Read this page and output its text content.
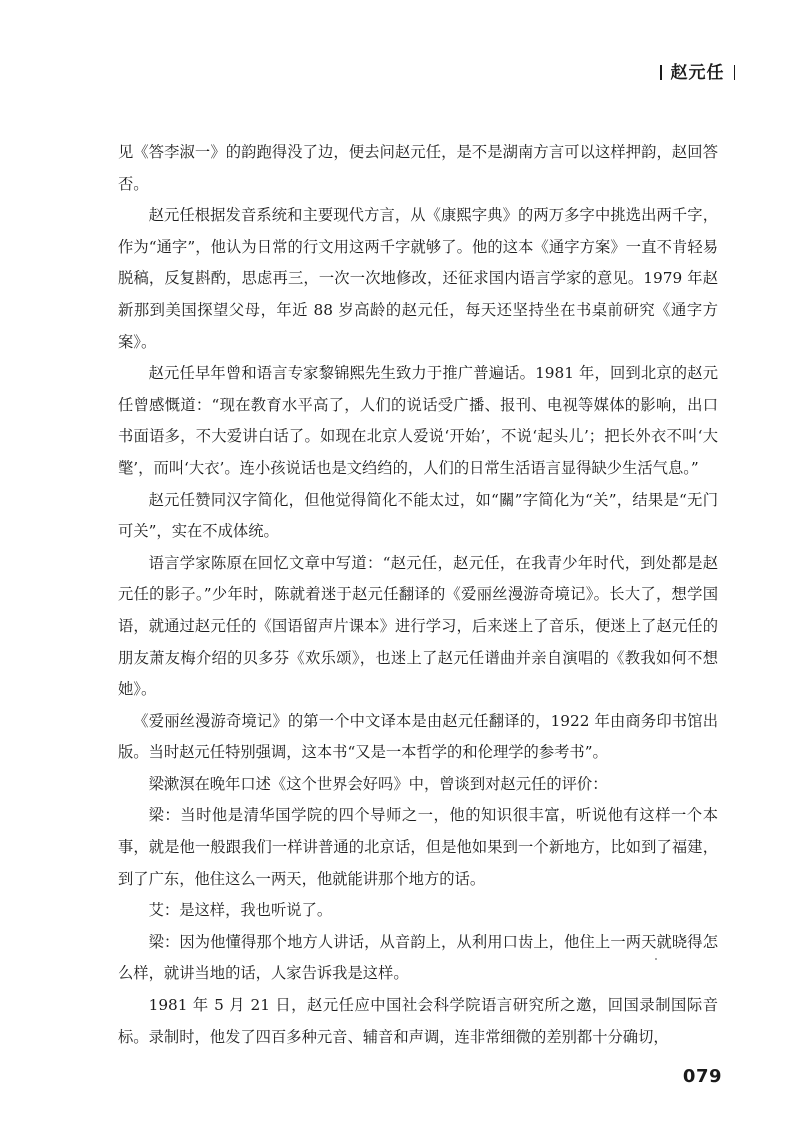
赵元任

见《答李淑一》的韵跑得没了边，便去问赵元任，是不是湖南方言可以这样押韵，赵回答否。

赵元任根据发音系统和主要现代方言，从《康熙字典》的两万多字中挑选出两千字，作为“通字”，他认为日常的行文用这两千字就够了。他的这本《通字方案》一直不肯轻易脱稿，反复斟酌，思虑再三，一次一次地修改，还征求国内语言学家的意见。1979 年赵新那到美国探望父母，年近 88 岁高龄的赵元任，每天还坚持坐在书桌前研究《通字方案》。

赵元任早年曾和语言专家黎锦熙先生致力于推广普遍话。1981 年，回到北京的赵元任曾感慨道：“现在教育水平高了，人们的说话受广播、报刊、电视等媒体的影响，出口书面语多，不大爱讲白话了。如现在北京人爱说‘开始’，不说‘起头儿’；把长外衣不叫‘大氅’，而叫‘大衣’。连小孩说话也是文绉绉的，人们的日常生活语言显得缺少生活气息。”

赵元任赞同汉字简化，但他觉得简化不能太过，如“關”字简化为“关”，结果是“无门可关”，实在不成体统。

语言学家陈原在回忆文章中写道：“赵元任，赵元任，在我青少年时代，到处都是赵元任的影子。”少年时，陈就着迷于赵元任翻译的《爱丽丝漫游奇境记》。长大了，想学国语，就通过赵元任的《国语留声片课本》进行学习，后来迷上了音乐，便迷上了赵元任的朋友萧友梅介绍的贝多芬《欢乐颂》，也迷上了赵元任谱曲并亲自演唱的《教我如何不想她》。

《爱丽丝漫游奇境记》的第一个中文译本是由赵元任翻译的，1922 年由商务印书馆出版。当时赵元任特别强调，这本书“又是一本哲学的和伦理学的参考书”。

梁漱溟在晚年口述《这个世界会好吗》中，曾谈到对赵元任的评价：

梁：当时他是清华国学院的四个导师之一，他的知识很丰富，听说他有这样一个本事，就是他一般跟我们一样讲普通的北京话，但是他如果到一个新地方，比如到了福建，到了广东，他住这么一两天，他就能讲那个地方的话。

艾：是这样，我也听说了。

梁：因为他懂得那个地方人讲话，从音韵上，从利用口齿上，他住上一两天就晓得怎么样，就讲当地的话，人家告诉我是这样。

1981 年 5 月 21 日，赵元任应中国社会科学院语言研究所之邀，回国录制国际音标。录制时，他发了四百多种元音、辅音和声调，连非常细微的差别都十分确切，

079
